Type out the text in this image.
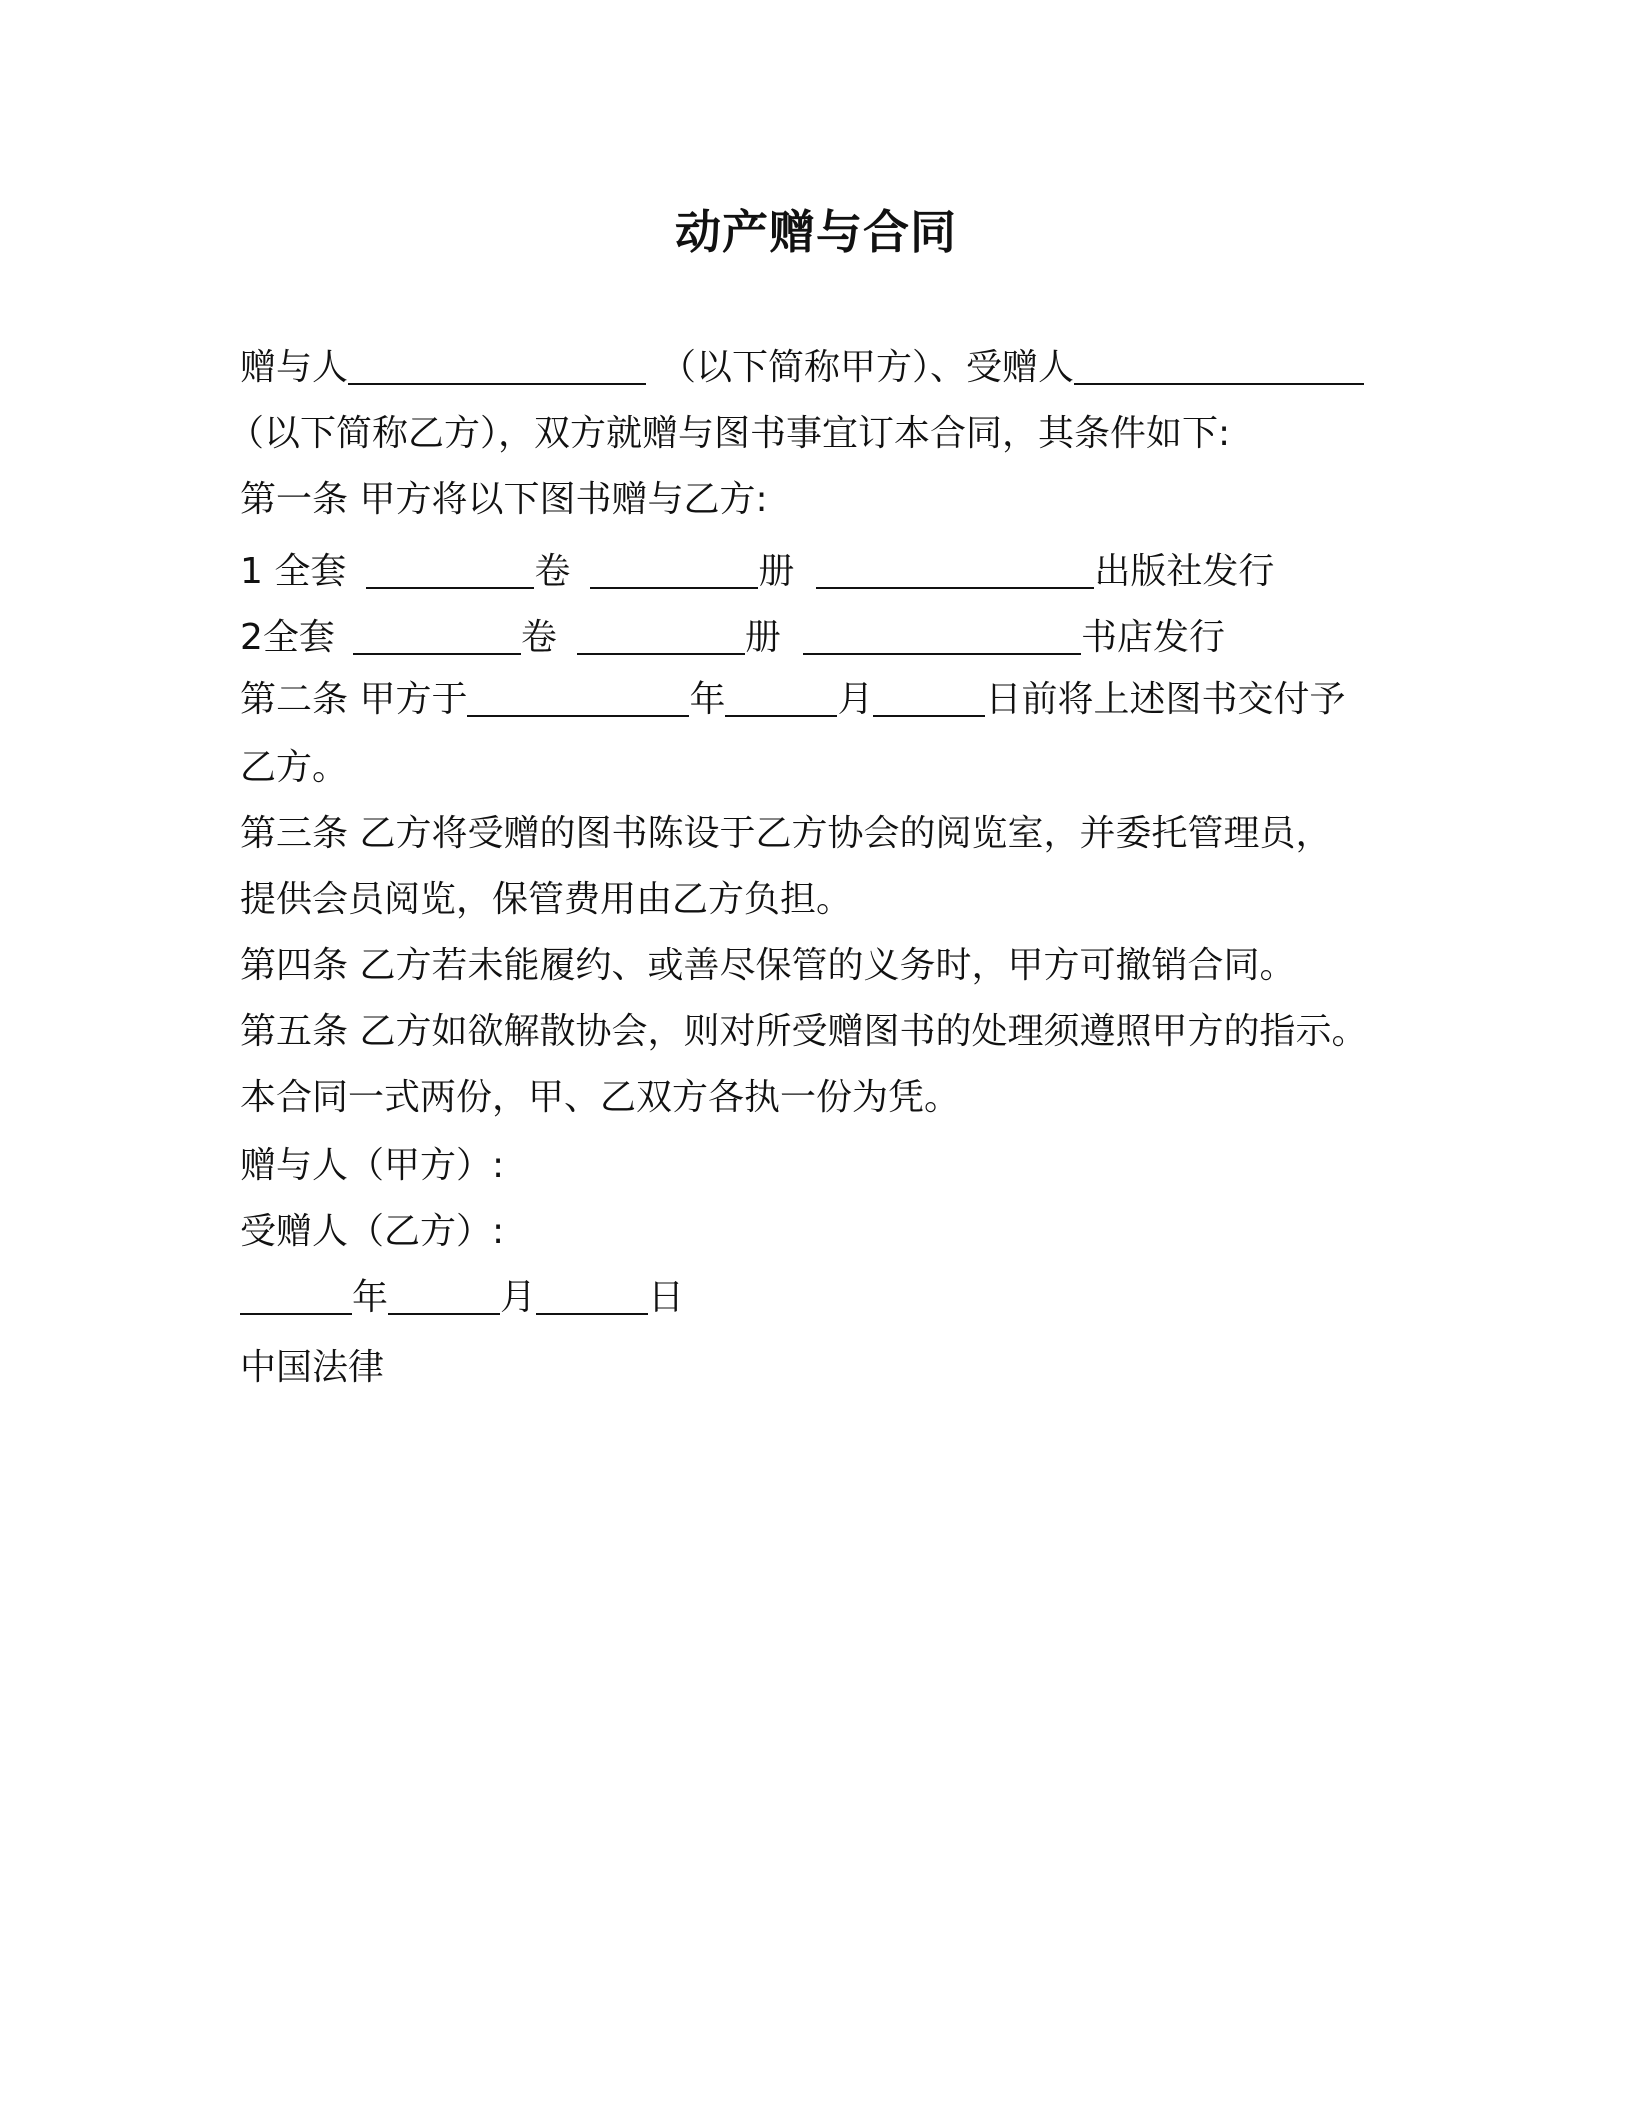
动产赠与合同
赠与人	（以下简称甲方）、受赠人
（以下简称乙方），双方就赠与图书事宜订本合同，其条件如下:
第一条 甲方将以下图书赠与乙方:
1 全套	卷	册	出版社发行
2全套	卷	册	书店发行
第二条 甲方于	年	月	日前将上述图书交付予
乙方。
第三条 乙方将受赠的图书陈设于乙方协会的阅览室，并委托管理员，
提供会员阅览，保管费用由乙方负担。
第四条 乙方若未能履约、或善尽保管的义务时，甲方可撤销合同。
第五条 乙方如欲解散协会，则对所受赠图书的处理须遵照甲方的指示。
本合同一式两份，甲、乙双方各执一份为凭。
赠与人（甲方）:
受赠人（乙方）:
年	月	日
中国法律
